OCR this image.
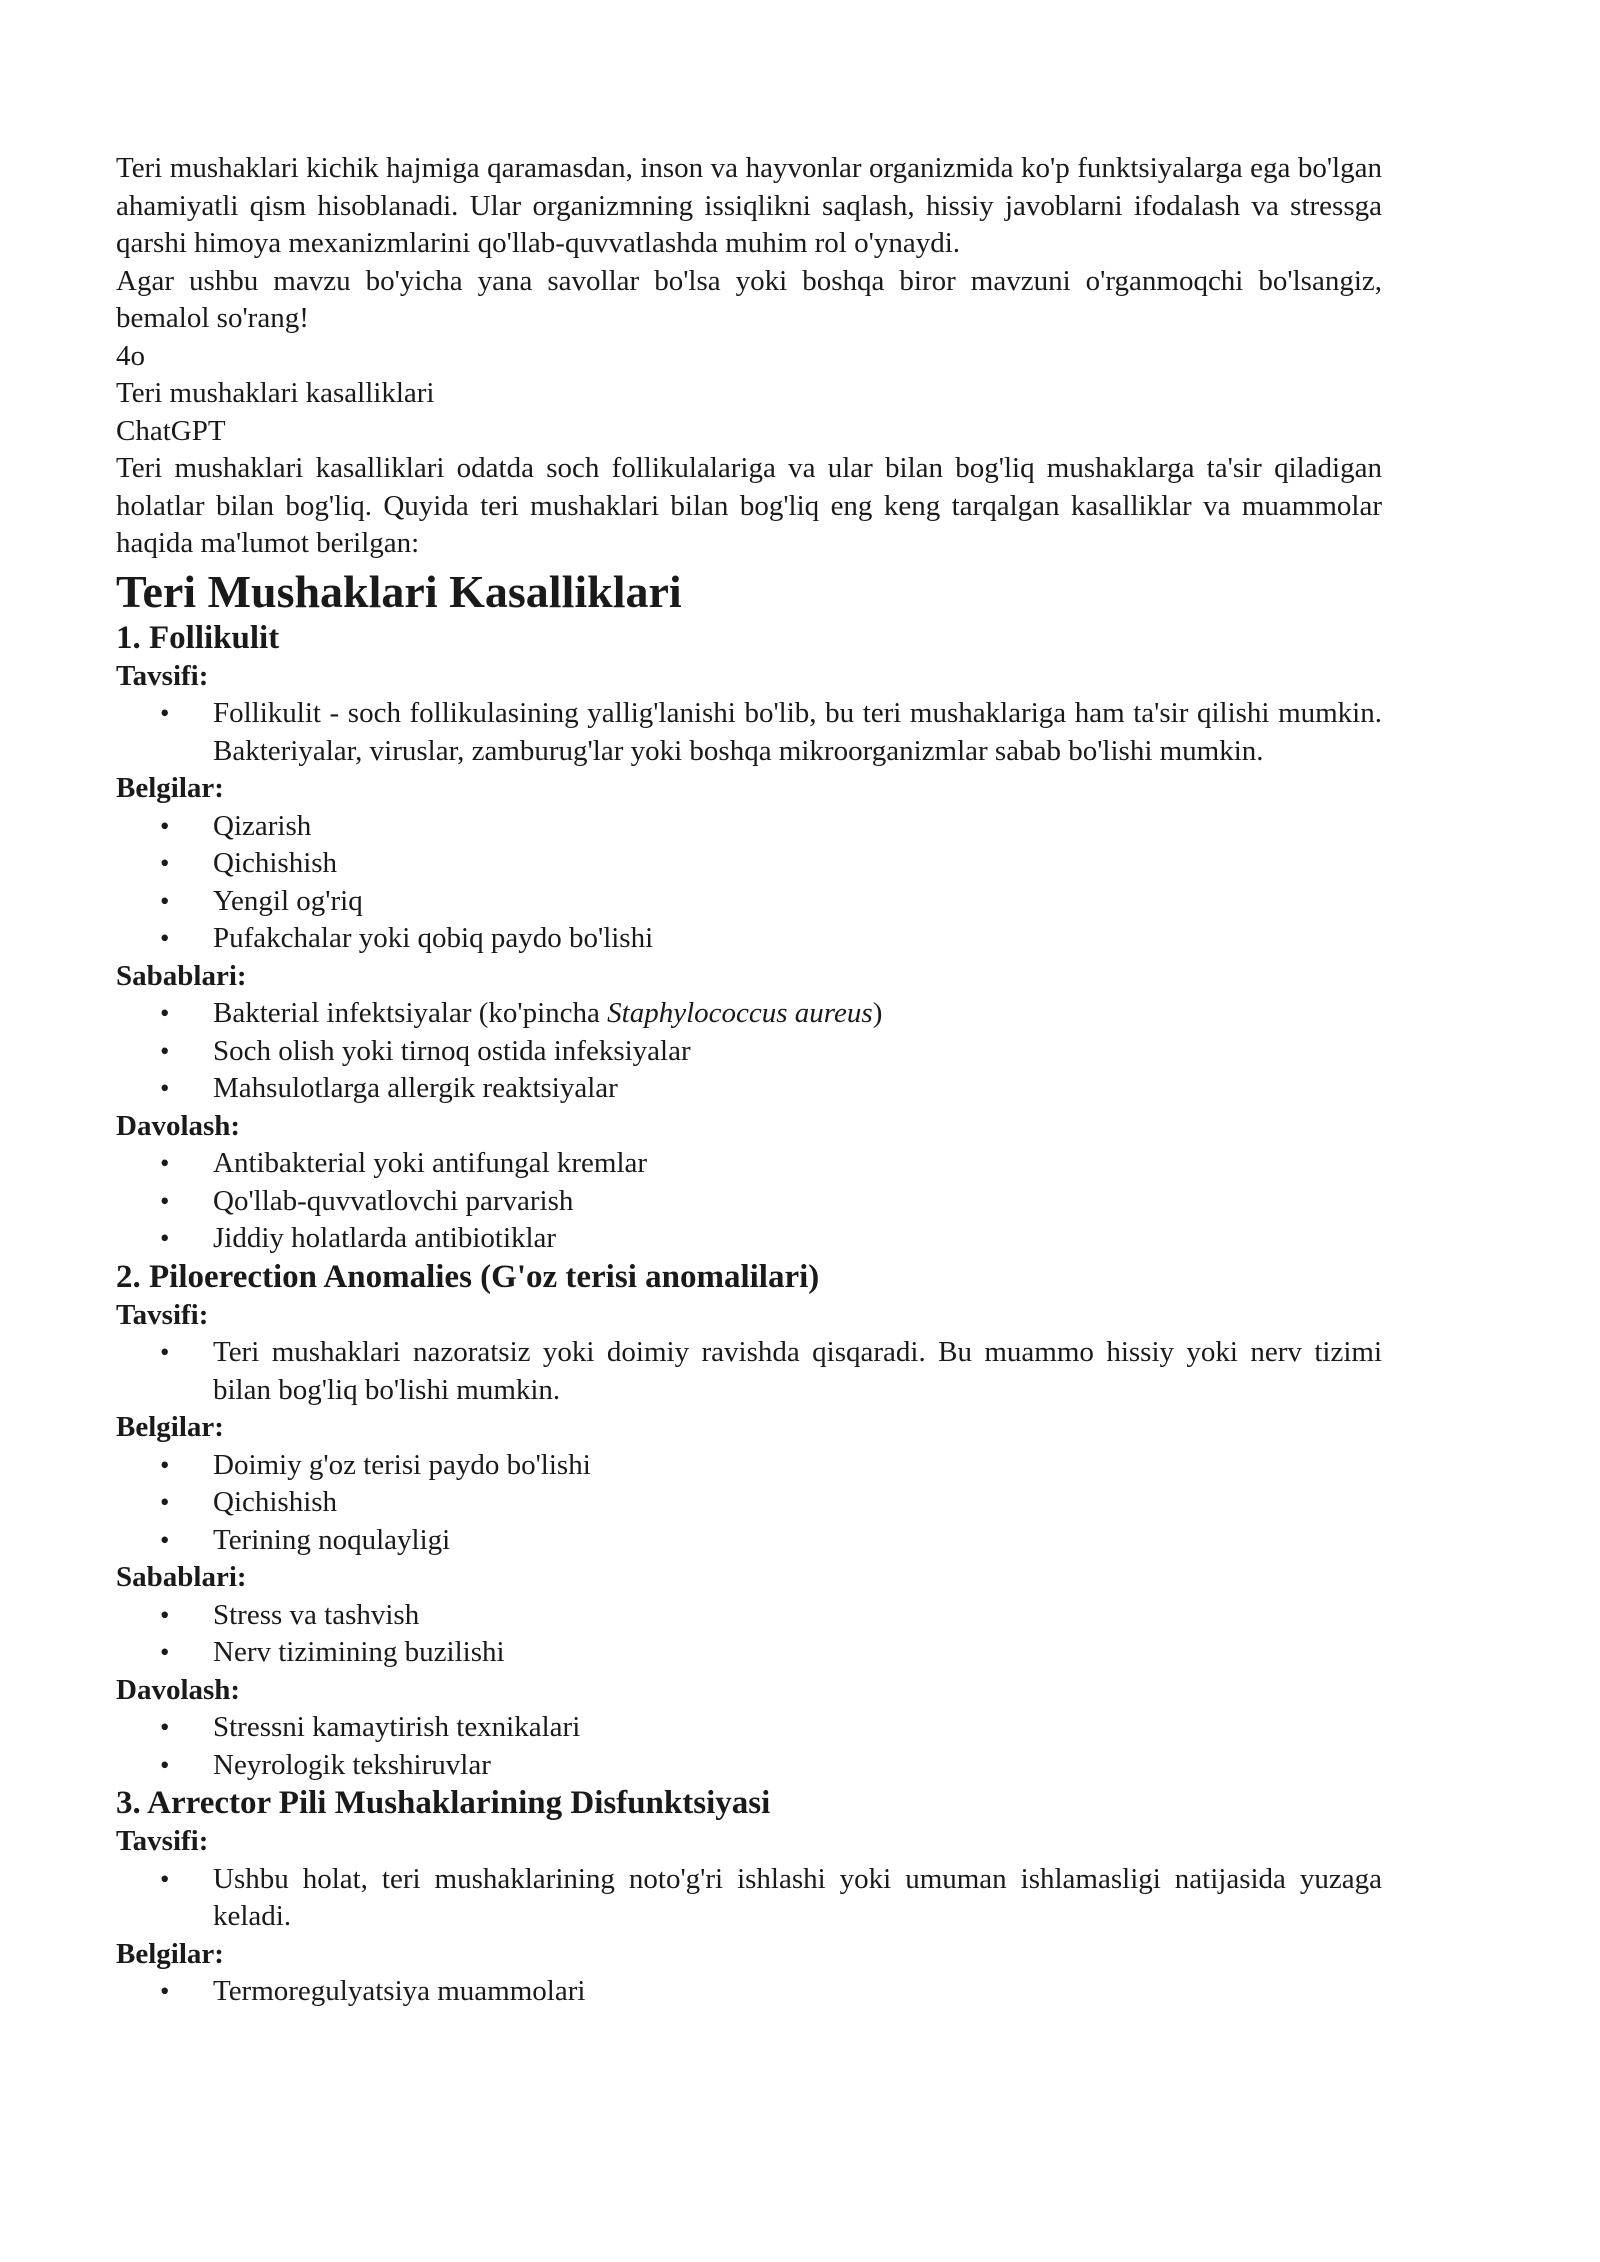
Teri mushaklari kichik hajmiga qaramasdan, inson va hayvonlar organizmida ko'p funktsiyalarga ega bo'lgan ahamiyatli qism hisoblanadi. Ular organizmning issiqlikni saqlash, hissiy javoblarni ifodalash va stressga qarshi himoya mexanizmlarini qo'llab-quvvatlashda muhim rol o'ynaydi.

Agar ushbu mavzu bo'yicha yana savollar bo'lsa yoki boshqa biror mavzuni o'rganmoqchi bo'lsangiz, bemalol so'rang!

4o

Teri mushaklari kasalliklari

ChatGPT

Teri mushaklari kasalliklari odatda soch follikulalariga va ular bilan bog'liq mushaklarga ta'sir qiladigan holatlar bilan bog'liq. Quyida teri mushaklari bilan bog'liq eng keng tarqalgan kasalliklar va muammolar haqida ma'lumot berilgan:

Teri Mushaklari Kasalliklari
1. Follikulit
Tavsifi:
• Follikulit - soch follikulasining yallig'lanishi bo'lib, bu teri mushaklariga ham ta'sir qilishi mumkin. Bakteriyalar, viruslar, zamburug'lar yoki boshqa mikroorganizmlar sabab bo'lishi mumkin.
Belgilar:
• Qizarish
• Qichishish
• Yengil og'riq
• Pufakchalar yoki qobiq paydo bo'lishi
Sabablari:
• Bakterial infektsiyalar (ko'pincha Staphylococcus aureus)
• Soch olish yoki tirnoq ostida infeksiyalar
• Mahsulotlarga allergik reaktsiyalar
Davolash:
• Antibakterial yoki antifungal kremlar
• Qo'llab-quvvatlovchi parvarish
• Jiddiy holatlarda antibiotiklar
2. Piloerection Anomalies (G'oz terisi anomalilari)
Tavsifi:
• Teri mushaklari nazoratsiz yoki doimiy ravishda qisqaradi. Bu muammo hissiy yoki nerv tizimi bilan bog'liq bo'lishi mumkin.
Belgilar:
• Doimiy g'oz terisi paydo bo'lishi
• Qichishish
• Terining noqulayligi
Sabablari:
• Stress va tashvish
• Nerv tizimining buzilishi
Davolash:
• Stressni kamaytirish texnikalari
• Neyrologik tekshiruvlar
3. Arrector Pili Mushaklarining Disfunktsiyasi
Tavsifi:
• Ushbu holat, teri mushaklarining noto'g'ri ishlashi yoki umuman ishlamasligi natijasida yuzaga keladi.
Belgilar:
• Termoregulyatsiya muammolari
